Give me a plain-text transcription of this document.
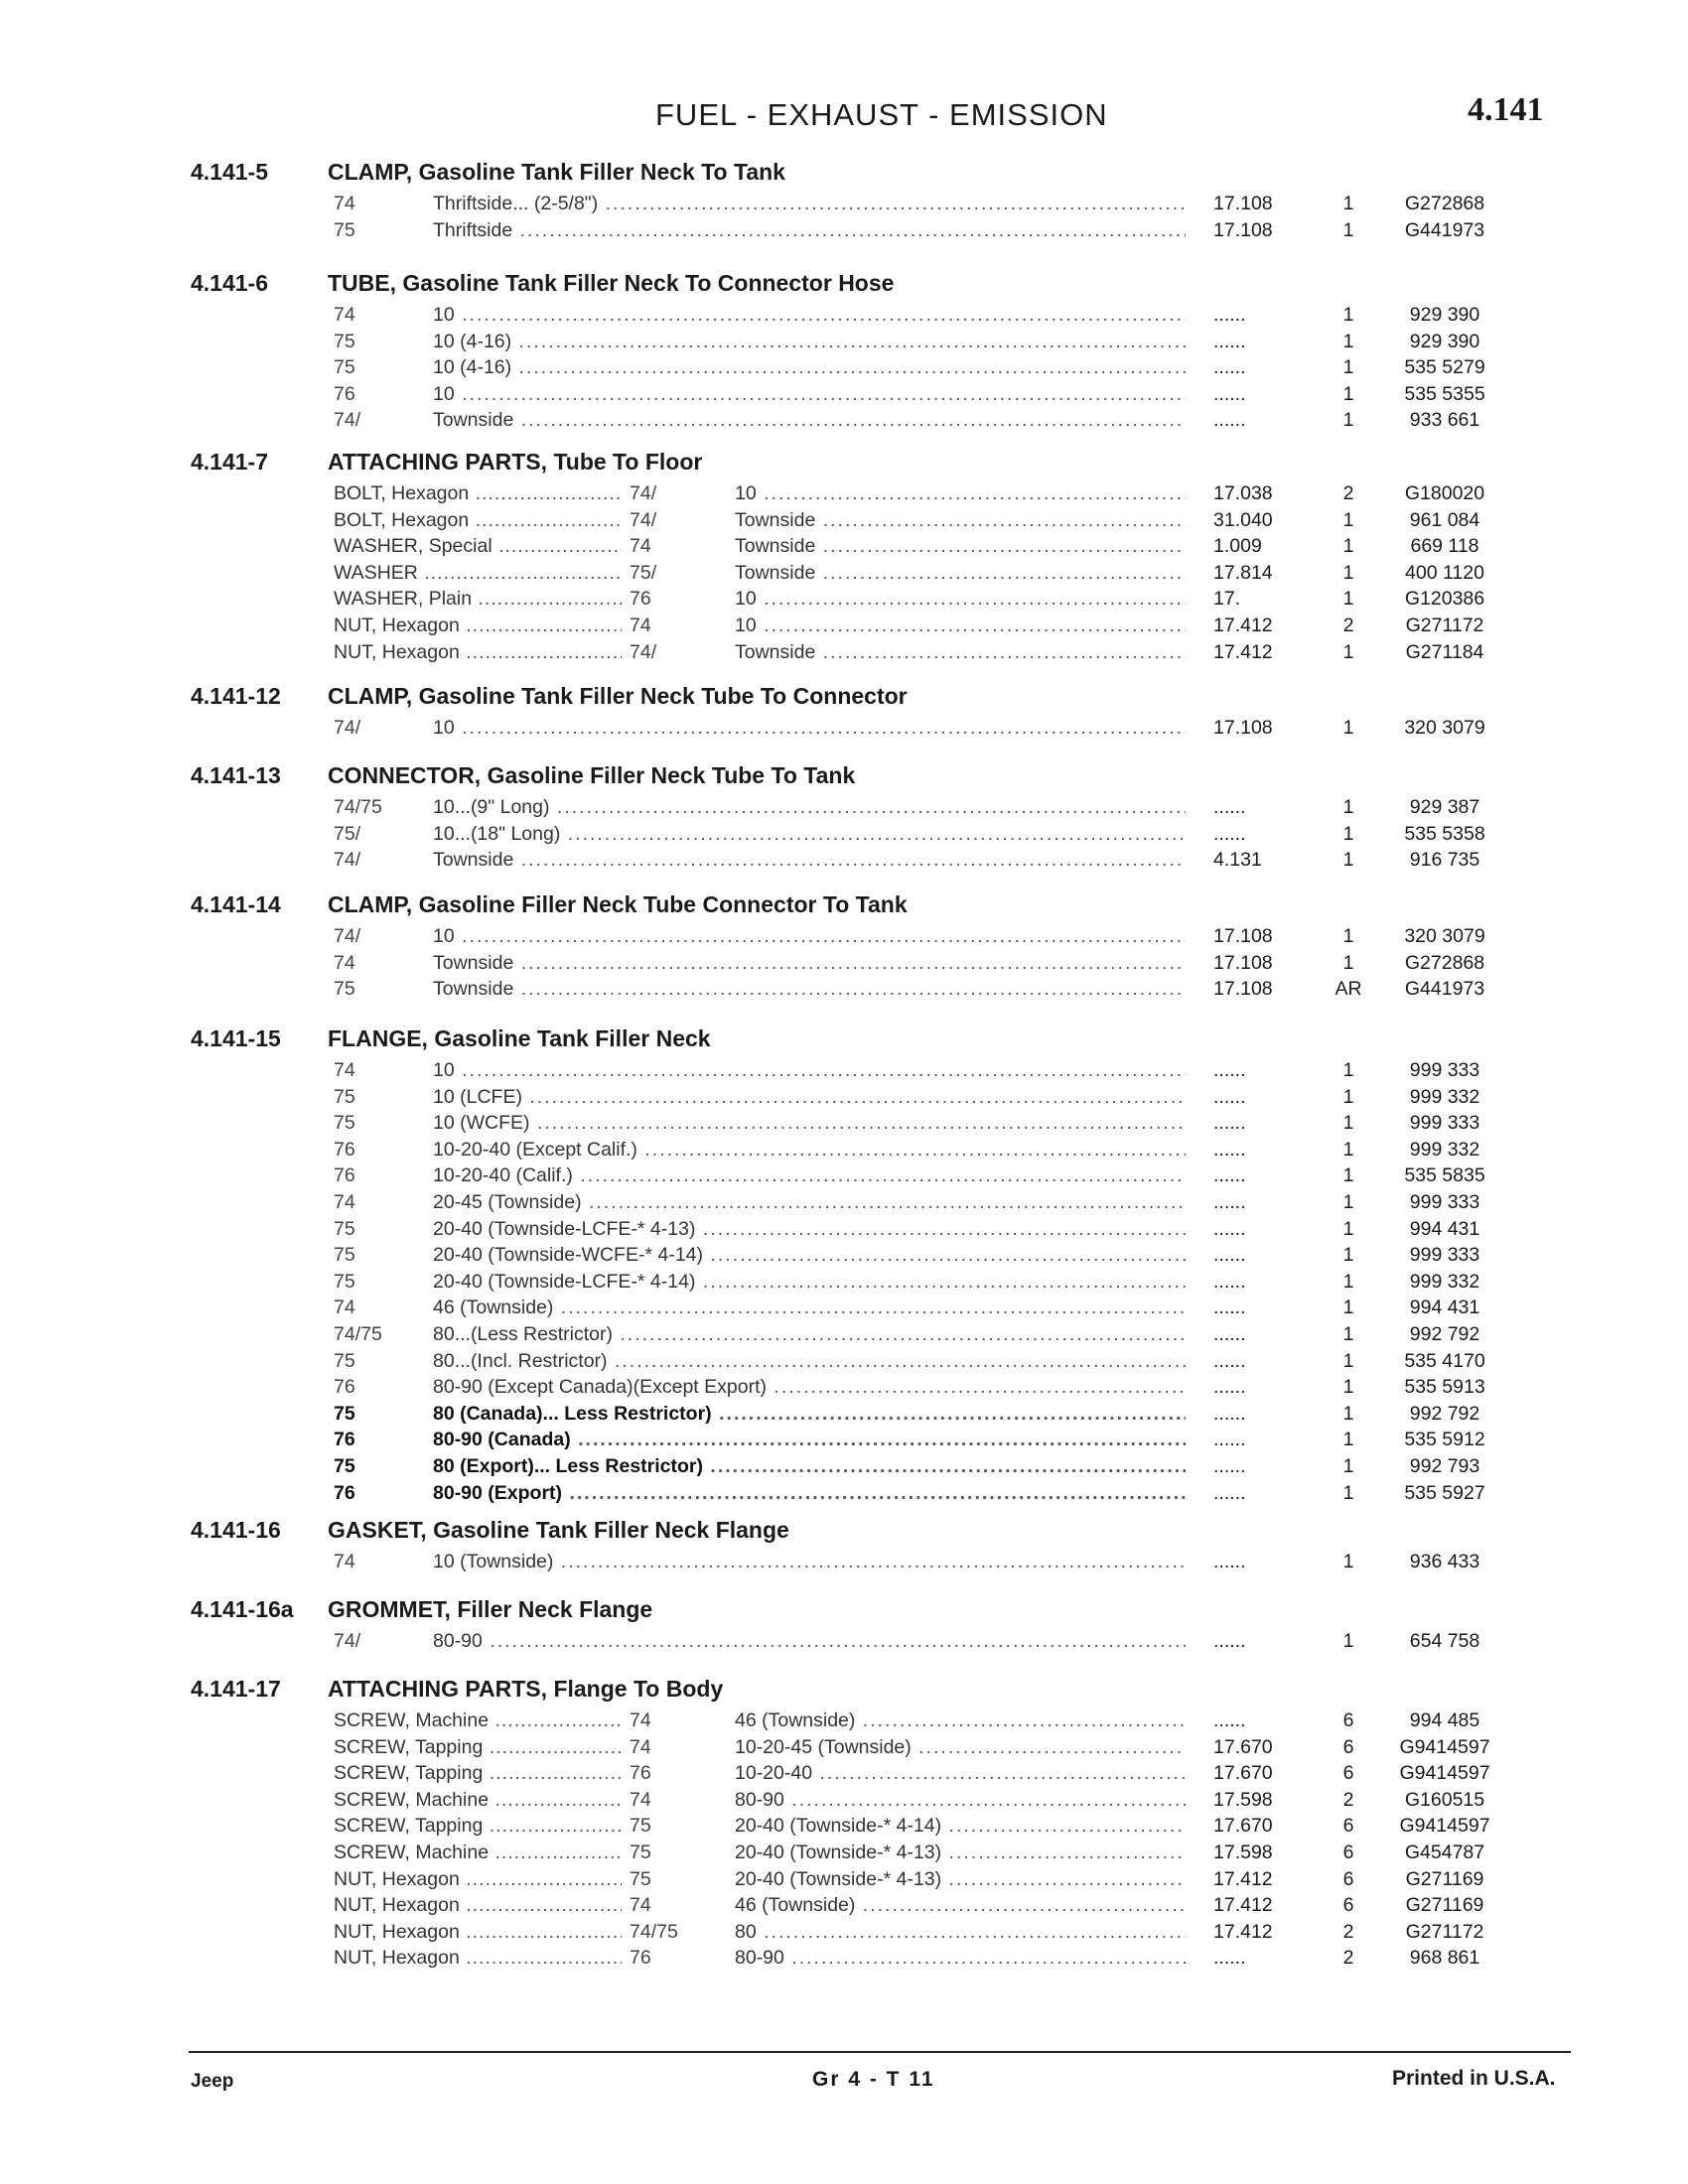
FUEL - EXHAUST - EMISSION	4.141
4.141-5	CLAMP, Gasoline Tank Filler Neck To Tank
74	Thriftside... (2-5/8") .....	17.108	1	G272868
75	Thriftside .....	17.108	1	G441973
4.141-6	TUBE, Gasoline Tank Filler Neck To Connector Hose
74	10 .....	......	1	929 390
75	10 (4-16) .....	......	1	929 390
75	10 (4-16) .....	......	1	535 5279
76	10 .....	......	1	535 5355
74/	Townside .....	......	1	933 661
4.141-7	ATTACHING PARTS, Tube To Floor
BOLT, Hexagon .....	74/	10 .....	17.038	2	G180020
BOLT, Hexagon .....	74/	Townside .....	31.040	1	961 084
WASHER, Special .....	74	Townside .....	1.009	1	669 118
WASHER .....	75/	Townside .....	17.814	1	400 1120
WASHER, Plain .....	76	10 .....	17.	1	G120386
NUT, Hexagon .....	74	10 .....	17.412	2	G271172
NUT, Hexagon .....	74/	Townside .....	17.412	1	G271184
4.141-12 CLAMP, Gasoline Tank Filler Neck Tube To Connector
74/	10 .....	17.108	1	320 3079
4.141-13 CONNECTOR, Gasoline Filler Neck Tube To Tank
74/75	10...(9" Long) .....	......	1	929 387
75/	10...(18" Long) .....	......	1	535 5358
74/	Townside .....	4.131	1	916 735
4.141-14 CLAMP, Gasoline Filler Neck Tube Connector To Tank
74/	10 .....	17.108	1	320 3079
74	Townside .....	17.108	1	G272868
75	Townside .....	17.108	AR	G441973
4.141-15 FLANGE, Gasoline Tank Filler Neck
74	10 .....	......	1	999 333
75	10 (LCFE) .....	......	1	999 332
75	10 (WCFE) .....	......	1	999 333
76	10-20-40 (Except Calif.) .....	......	1	999 332
76	10-20-40 (Calif.) .....	......	1	535 5835
74	20-45 (Townside) .....	......	1	999 333
75	20-40 (Townside-LCFE-* 4-13) .....	......	1	994 431
75	20-40 (Townside-WCFE-* 4-14) .....	......	1	999 333
75	20-40 (Townside-LCFE-* 4-14) .....	......	1	999 332
74	46 (Townside) .....	......	1	994 431
74/75	80...(Less Restrictor) .....	......	1	992 792
75	80...(Incl. Restrictor) .....	......	1	535 4170
76	80-90 (Except Canada)(Except Export) .....	......	1	535 5913
75	80 (Canada)... Less Restrictor) .....	......	1	992 792
76	80-90 (Canada) .....	......	1	535 5912
75	80 (Export)... Less Restrictor) .....	......	1	992 793
76	80-90 (Export) .....	......	1	535 5927
4.141-16 GASKET, Gasoline Tank Filler Neck Flange
74	10 (Townside) .....	......	1	936 433
4.141-16a GROMMET, Filler Neck Flange
74/	80-90 .....	......	1	654 758
4.141-17 ATTACHING PARTS, Flange To Body
SCREW, Machine .....	74	46 (Townside) .....	......	6	994 485
SCREW, Tapping .....	74	10-20-45 (Townside) .....	17.670	6	G9414597
SCREW, Tapping .....	76	10-20-40 .....	17.670	6	G9414597
SCREW, Machine .....	74	80-90 .....	17.598	2	G160515
SCREW, Tapping .....	75	20-40 (Townside-* 4-14) .....	17.670	6	G9414597
SCREW, Machine .....	75	20-40 (Townside-* 4-13) .....	17.598	6	G454787
NUT, Hexagon .....	75	20-40 (Townside-* 4-13) .....	17.412	6	G271169
NUT, Hexagon .....	74	46 (Townside) .....	17.412	6	G271169
NUT, Hexagon .....	74/75	80 .....	17.412	2	G271172
NUT, Hexagon .....	76	80-90 .....	......	2	968 861
Jeep	Gr 4 - T 11	Printed in U.S.A.
